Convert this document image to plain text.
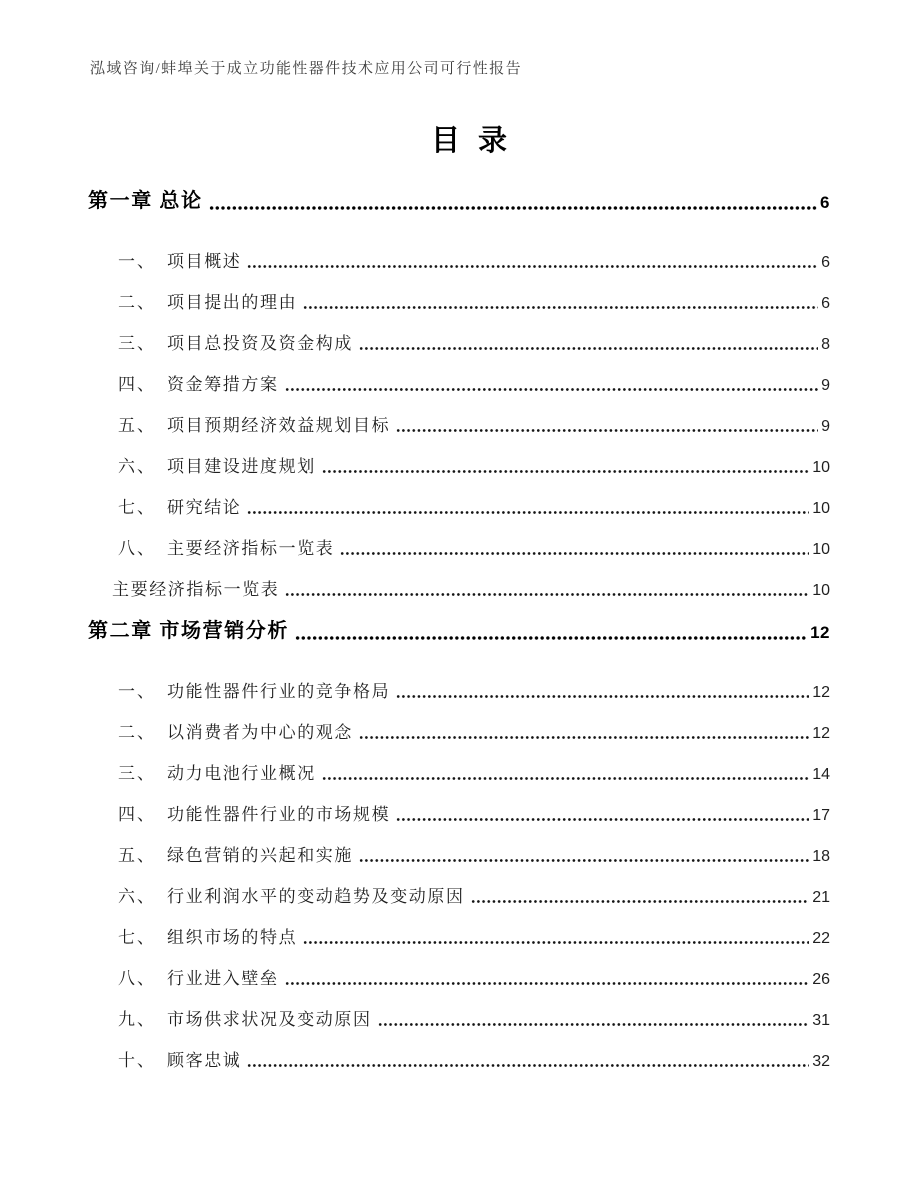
泓域咨询/蚌埠关于成立功能性器件技术应用公司可行性报告
目录
第一章 总论	6
一、 项目概述	6
二、 项目提出的理由	6
三、 项目总投资及资金构成	8
四、 资金筹措方案	9
五、 项目预期经济效益规划目标	9
六、 项目建设进度规划	10
七、 研究结论	10
八、 主要经济指标一览表	10
主要经济指标一览表	10
第二章 市场营销分析	12
一、 功能性器件行业的竞争格局	12
二、 以消费者为中心的观念	12
三、 动力电池行业概况	14
四、 功能性器件行业的市场规模	17
五、 绿色营销的兴起和实施	18
六、 行业利润水平的变动趋势及变动原因	21
七、 组织市场的特点	22
八、 行业进入壁垒	26
九、 市场供求状况及变动原因	31
十、 顾客忠诚	32
